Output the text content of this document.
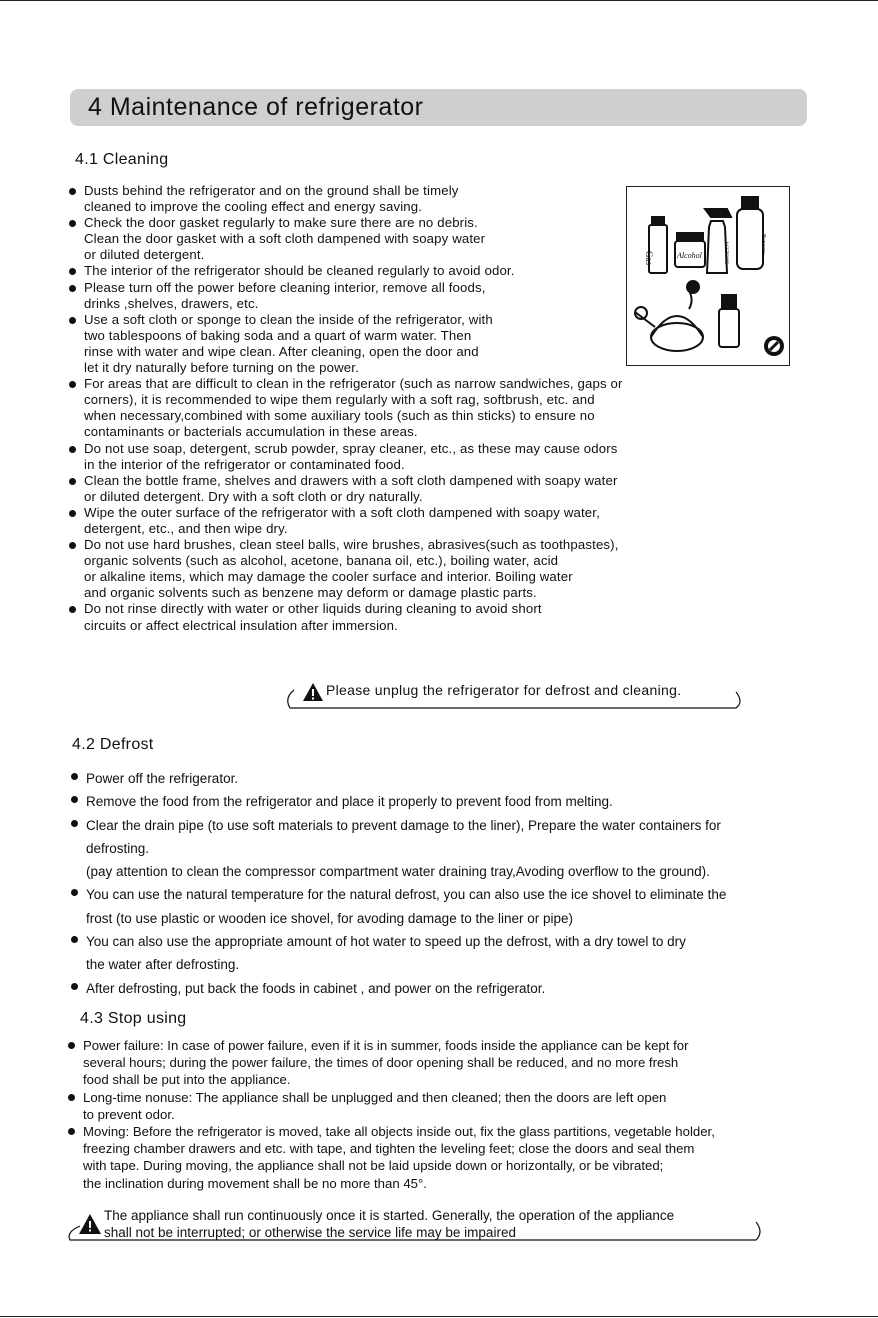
4 Maintenance of refrigerator
4.1 Cleaning
Dusts behind the refrigerator and on the ground shall be timely
cleaned to improve the cooling effect and energy saving.
Check the door gasket regularly to make sure there are no debris.
Clean the door gasket with a soft cloth dampened with soapy water
or diluted detergent.
The interior of the refrigerator should be cleaned regularly to avoid odor.
Please turn off the power before cleaning interior, remove all foods,
drinks ,shelves, drawers, etc.
Use a soft cloth or sponge to clean the inside of the refrigerator, with
two tablespoons of baking soda and a quart of warm water. Then
rinse with water and wipe clean. After cleaning, open the door and
let it dry naturally before turning on the power.
For areas that are difficult to clean in the refrigerator (such as narrow sandwiches, gaps or
corners), it is recommended to wipe them regularly with a soft rag, softbrush, etc. and
when necessary,combined with some auxiliary tools (such as thin sticks) to ensure no
contaminants or bacterials accumulation in these areas.
Do not use soap, detergent, scrub powder, spray cleaner, etc., as these may cause odors
in the interior of the refrigerator or contaminated food.
Clean the bottle frame, shelves and drawers with a soft cloth dampened with soapy water
or diluted detergent. Dry with a soft cloth or dry naturally.
Wipe the outer surface of the refrigerator with a soft cloth dampened with soapy water,
detergent, etc., and then wipe dry.
Do not use hard brushes, clean steel balls, wire brushes, abrasives(such as toothpastes),
organic solvents (such as alcohol, acetone, banana oil, etc.), boiling water, acid
or alkaline items, which may damage the cooler surface and interior. Boiling water
and organic solvents such as benzene may deform or damage plastic parts.
Do not rinse directly with water or other liquids during cleaning to avoid short
circuits or affect electrical insulation after immersion.
Gas	Alcohol	ACETONE	Benzene
Please unplug the refrigerator for defrost and cleaning.
4.2 Defrost
Power off the refrigerator.
Remove the food from the refrigerator and place it properly to prevent food from melting.
Clear the drain pipe (to use soft materials to prevent damage to the liner), Prepare the water containers for
defrosting.
(pay attention to clean the compressor compartment water draining tray,Avoding overflow to the ground).
You can use the natural temperature for the natural defrost, you can also use the ice shovel to eliminate the
frost (to use plastic or wooden ice shovel, for avoding damage to the liner or pipe)
You can also use the appropriate amount of hot water to speed up the defrost, with a dry towel to dry
the water after defrosting.
After defrosting, put back the foods in cabinet , and power on the refrigerator.
4.3 Stop using
Power failure: In case of power failure, even if it is in summer, foods inside the appliance can be kept for
several hours; during the power failure, the times of door opening shall be reduced, and no more fresh
food shall be put into the appliance.
Long-time nonuse: The appliance shall be unplugged and then cleaned; then the doors are left open
to prevent odor.
Moving: Before the refrigerator is moved, take all objects inside out, fix the glass partitions, vegetable holder,
freezing chamber drawers and etc. with tape, and tighten the leveling feet; close the doors and seal them
with tape. During moving, the appliance shall not be laid upside down or horizontally, or be vibrated;
the inclination during movement shall be no more than 45°.
The appliance shall run continuously once it is started. Generally, the operation of the appliance
shall not be interrupted; or otherwise the service life may be impaired
